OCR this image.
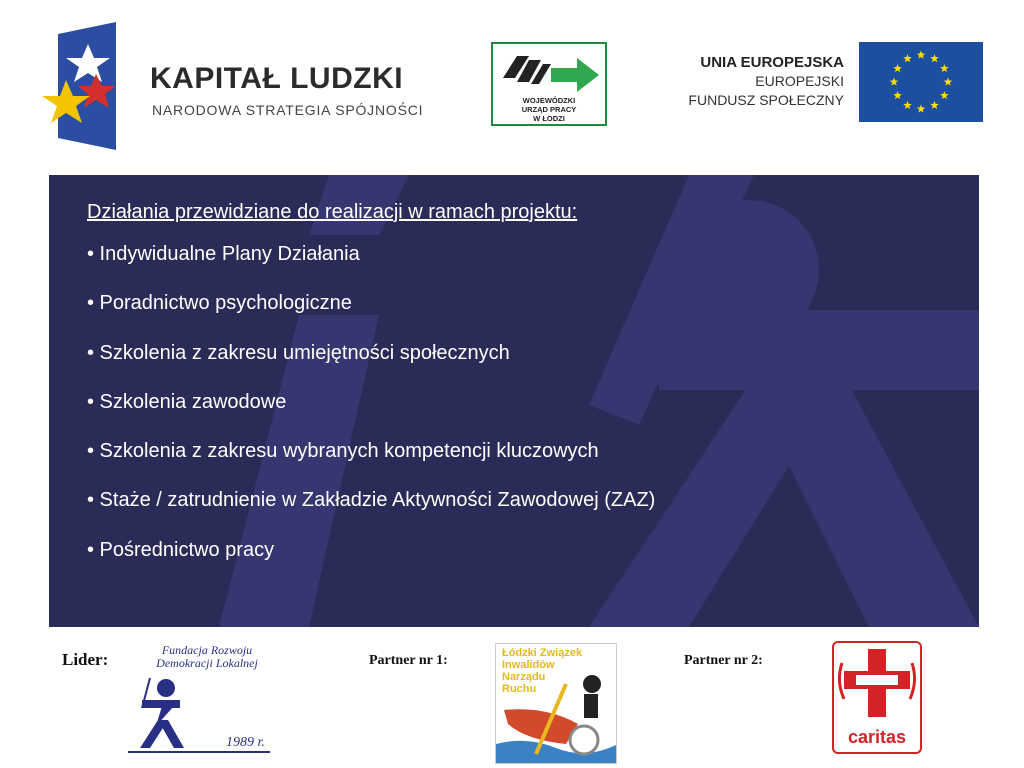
KAPITAŁ LUDZKI
NARODOWA STRATEGIA SPÓJNOŚCI
WOJEWÓDZKI
URZĄD PRACY
W ŁODZI
UNIA EUROPEJSKA
EUROPEJSKI
FUNDUSZ SPOŁECZNY
Działania przewidziane do realizacji w ramach projektu:
• Indywidualne Plany Działania
• Poradnictwo psychologiczne
• Szkolenia z zakresu umiejętności społecznych
• Szkolenia zawodowe
• Szkolenia z zakresu wybranych kompetencji kluczowych
• Staże / zatrudnienie w Zakładzie Aktywności Zawodowej (ZAZ)
• Pośrednictwo pracy
Lider:	Fundacja Rozwoju
Demokracji Lokalnej
1989 r.
Partner nr 1:	Łódzki Związek
Inwalidów
Narządu
Ruchu
Partner nr 2:
caritas
